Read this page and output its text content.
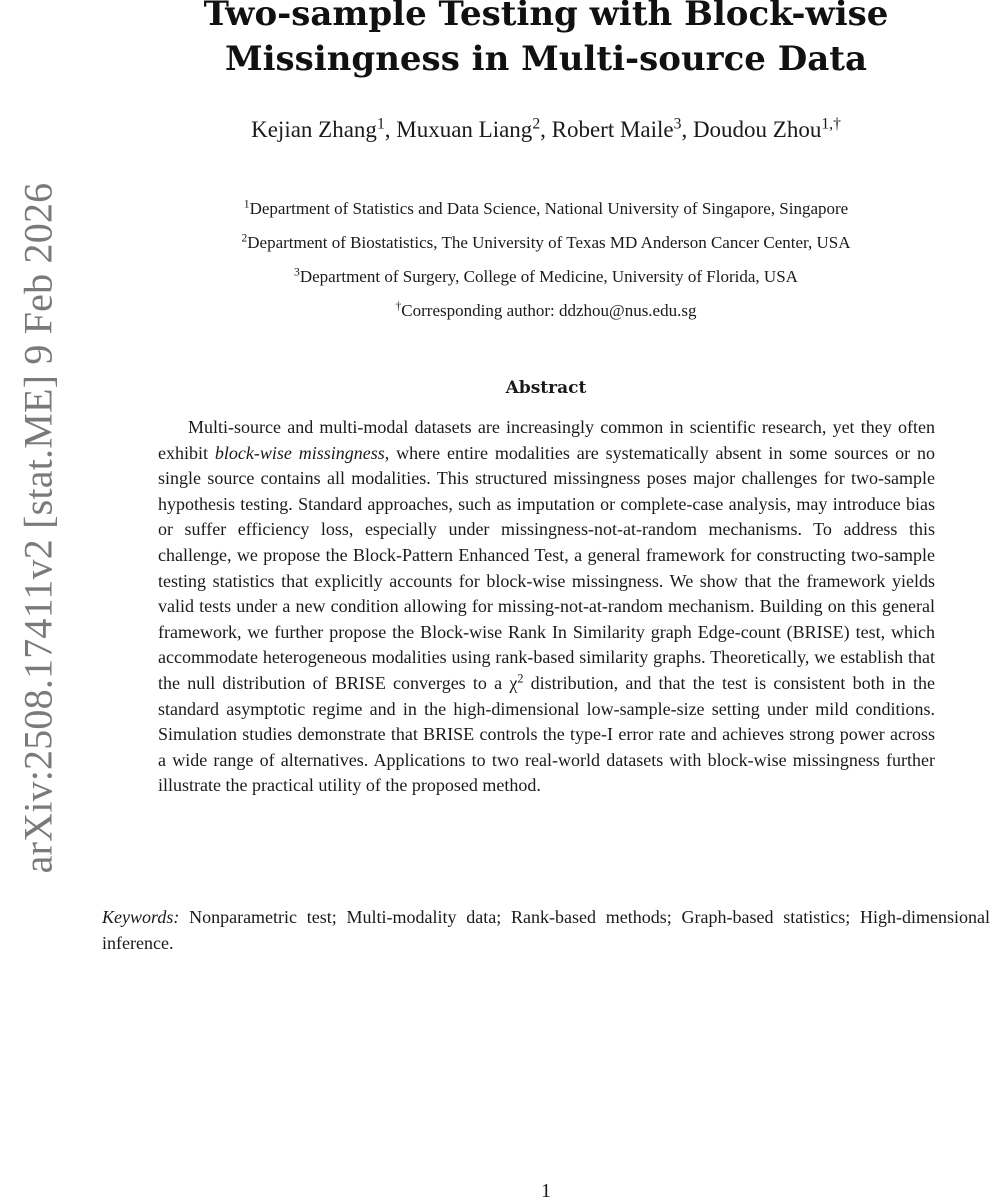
arXiv:2508.17411v2 [stat.ME] 9 Feb 2026
Two-sample Testing with Block-wise
Missingness in Multi-source Data
Kejian Zhang$^1$, Muxuan Liang$^2$, Robert Maile$^3$, Doudou Zhou$^{1,\dagger}$
$^1$Department of Statistics and Data Science, National University of Singapore, Singapore
$^2$Department of Biostatistics, The University of Texas MD Anderson Cancer Center, USA
$^3$Department of Surgery, College of Medicine, University of Florida, USA
†Corresponding author: ddzhou@nus.edu.sg
Abstract

Multi-source and multi-modal datasets are increasingly common in scientific research, yet they often exhibit block-wise missingness, where entire modalities are systematically absent in some sources or no single source contains all modalities. This structured missingness poses major challenges for two-sample hypothesis testing. Standard approaches, such as imputation or complete-case analysis, may introduce bias or suffer efficiency loss, especially under missingness-not-at-random mechanisms. To address this challenge, we propose the Block-Pattern Enhanced Test, a general framework for constructing two-sample testing statistics that explicitly accounts for block-wise missingness. We show that the framework yields valid tests under a new condition allowing for missing-not-at-random mechanism. Building on this general framework, we further propose the Block-wise Rank In Similarity graph Edge-count (BRISE) test, which accommodate heterogeneous modalities using rank-based similarity graphs. Theoretically, we establish that the null distribution of BRISE converges to a $\chi^2$ distribution, and that the test is consistent both in the standard asymptotic regime and in the high-dimensional low-sample-size setting under mild conditions. Simulation studies demonstrate that BRISE controls the type-I error rate and achieves strong power across a wide range of alternatives. Applications to two real-world datasets with block-wise missingness further illustrate the practical utility of the proposed method.

Keywords: Nonparametric test; Multi-modality data; Rank-based methods; Graph-based statistics; High-dimensional inference.

1
